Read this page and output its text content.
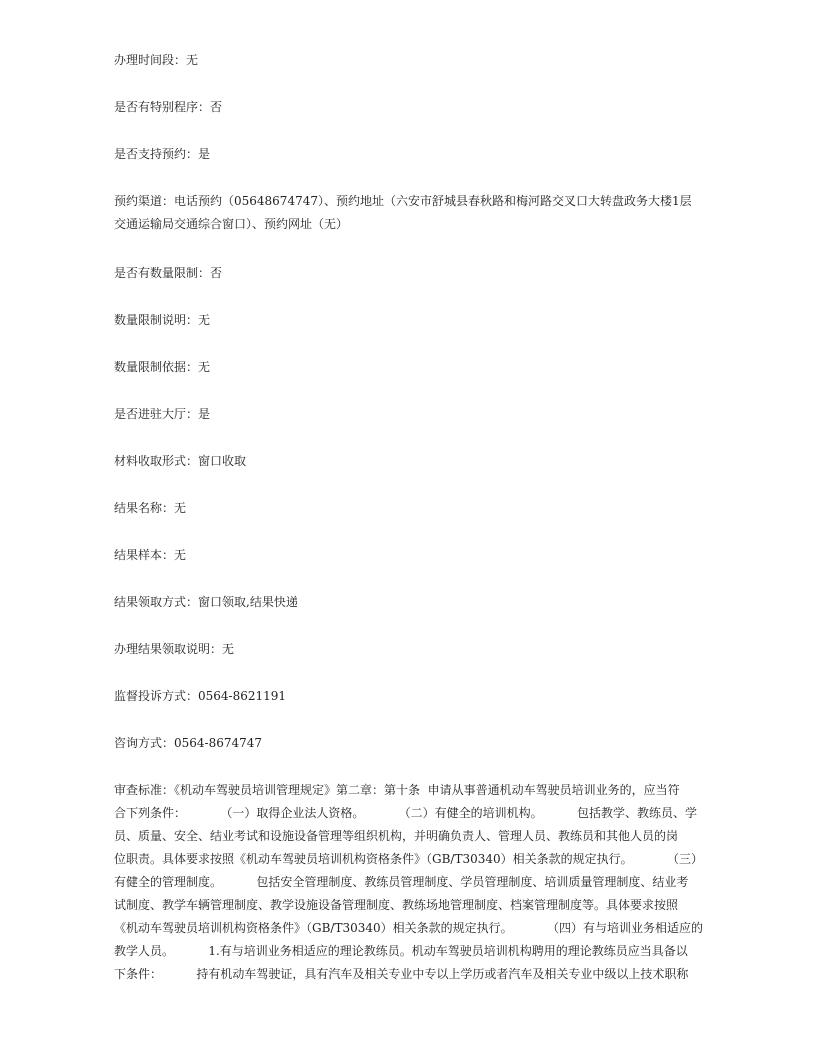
办理时间段：无
是否有特别程序：否
是否支持预约：是
预约渠道：电话预约（05648674747）、预约地址（六安市舒城县春秋路和梅河路交叉口大转盘政务大楼1层
交通运输局交通综合窗口）、预约网址（无）
是否有数量限制：否
数量限制说明：无
数量限制依据：无
是否进驻大厅：是
材料收取形式：窗口收取
结果名称：无
结果样本：无
结果领取方式：窗口领取,结果快递
办理结果领取说明：无
监督投诉方式：0564-8621191
咨询方式：0564-8674747
审查标准：《机动车驾驶员培训管理规定》第二章：第十条  申请从事普通机动车驾驶员培训业务的，应当符
合下列条件：         （一）取得企业法人资格。         （二）有健全的培训机构。         包括教学、教练员、学
员、质量、安全、结业考试和设施设备管理等组织机构，并明确负责人、管理人员、教练员和其他人员的岗
位职责。具体要求按照《机动车驾驶员培训机构资格条件》（GB/T30340）相关条款的规定执行。         （三）
有健全的管理制度。         包括安全管理制度、教练员管理制度、学员管理制度、培训质量管理制度、结业考
试制度、教学车辆管理制度、教学设施设备管理制度、教练场地管理制度、档案管理制度等。具体要求按照
《机动车驾驶员培训机构资格条件》（GB/T30340）相关条款的规定执行。         （四）有与培训业务相适应的
教学人员。         1.有与培训业务相适应的理论教练员。机动车驾驶员培训机构聘用的理论教练员应当具备以
下条件：         持有机动车驾驶证，具有汽车及相关专业中专以上学历或者汽车及相关专业中级以上技术职称
